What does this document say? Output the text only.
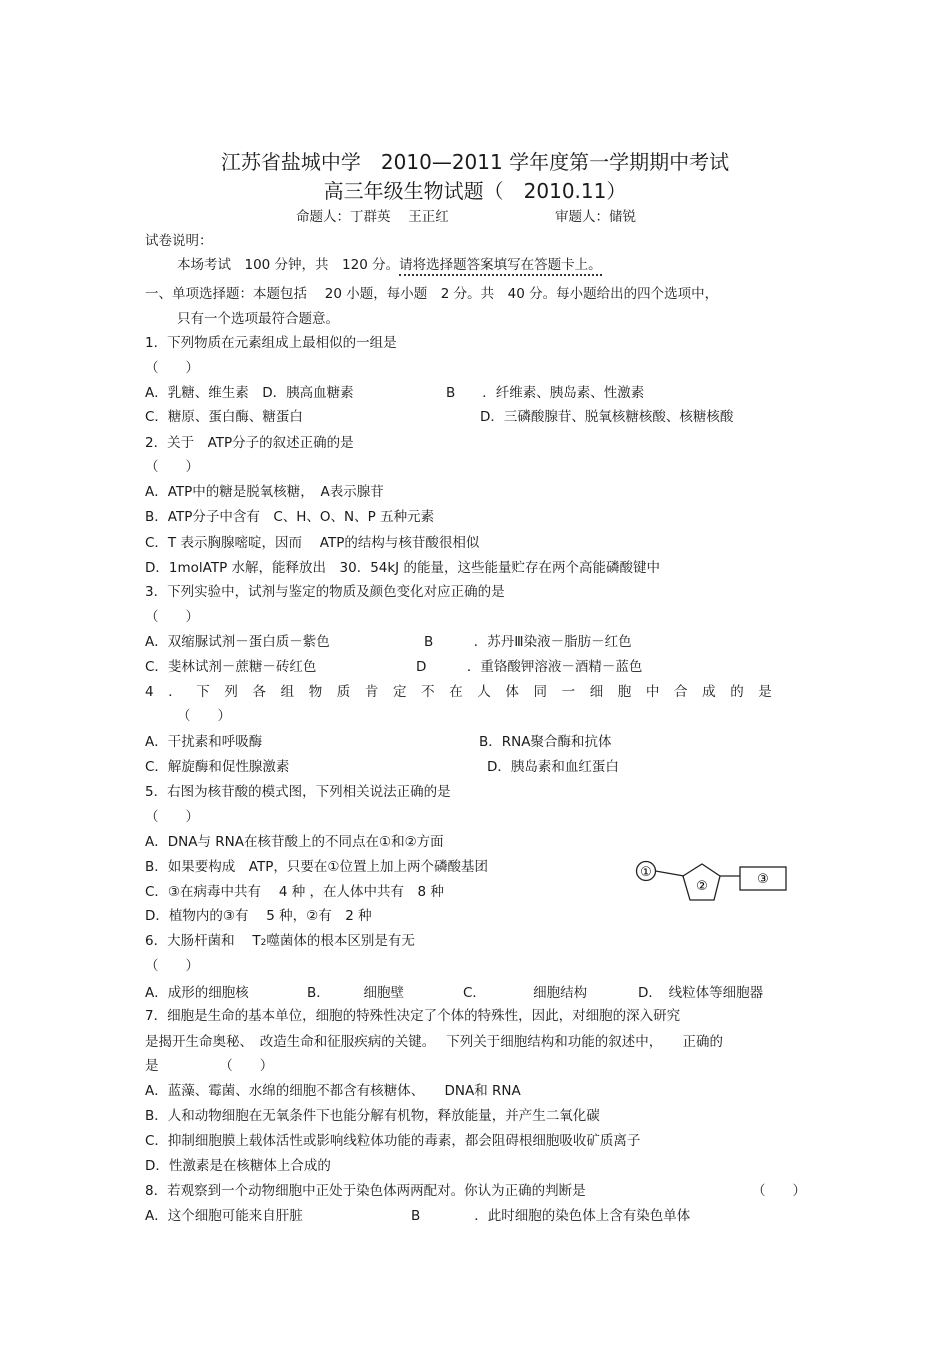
江苏省盐城中学　2010—2011 学年度第一学期期中考试
高三年级生物试题（　2010.11）
命题人：丁群英　 王正红	审题人：储锐
试卷说明：
本场考试　100 分钟，共　120 分。请将选择题答案填写在答题卡上。
一、单项选择题：本题包括　 20 小题，每小题　2 分。共　40 分。每小题给出的四个选项中，
只有一个选项最符合题意。
1．下列物质在元素组成上最相似的一组是
（　　）
A．乳糖、维生素　D．胰高血糖素	B　　．纤维素、胰岛素、性激素
C．糖原、蛋白酶、糖蛋白	D．三磷酸腺苷、脱氧核糖核酸、核糖核酸
2．关于　ATP分子的叙述正确的是
（　　）
A．ATP中的糖是脱氧核糖，　A表示腺苷
B．ATP分子中含有　C、H、O、N、P 五种元素
C．T 表示胸腺嘧啶，因而　 ATP的结构与核苷酸很相似
D．1molATP 水解，能释放出　30．54kJ 的能量，这些能量贮存在两个高能磷酸键中
3．下列实验中，试剂与鉴定的物质及颜色变化对应正确的是
（　　）
A．双缩脲试剂－蛋白质－紫色	B　　　．苏丹Ⅲ染液－脂肪－红色
C．斐林试剂－蔗糖－砖红色	D　　　．重铬酸钾溶液－酒精－蓝色
4．下列各组物质肯定不在人体同一细胞中合成的是
（　　）
A．干扰素和呼吸酶	B．RNA聚合酶和抗体
C．解旋酶和促性腺激素	D．胰岛素和血红蛋白
5．右图为核苷酸的模式图，下列相关说法正确的是
（　　）
A．DNA与 RNA在核苷酸上的不同点在①和②方面
B．如果要构成　ATP，只要在①位置上加上两个磷酸基团
C．③在病毒中共有　 4 种 ，在人体中共有　8 种
D．植物内的③有　 5 种，②有　2 种
①
②	③
6．大肠杆菌和　 T2噬菌体的根本区别是有无
（　　）
A．成形的细胞核	B．　　　细胞壁	C．　　　　细胞结构	D．　线粒体等细胞器
7．细胞是生命的基本单位，细胞的特殊性决定了个体的特殊性，因此，对细胞的深入研究
是揭开生命奥秘、　改造生命和征服疾病的关键。　 下列关于细胞结构和功能的叙述中，　　正确的
是　　　　　（　　）
A．蓝藻、霉菌、水绵的细胞不都含有核糖体、　　DNA和 RNA
B．人和动物细胞在无氧条件下也能分解有机物，释放能量，并产生二氧化碳
C．抑制细胞膜上载体活性或影响线粒体功能的毒素，都会阻碍根细胞吸收矿质离子
D．性激素是在核糖体上合成的
8．若观察到一个动物细胞中正处于染色体两两配对。你认为正确的判断是	（　　）
A．这个细胞可能来自肝脏	B　　　　．此时细胞的染色体上含有染色单体
